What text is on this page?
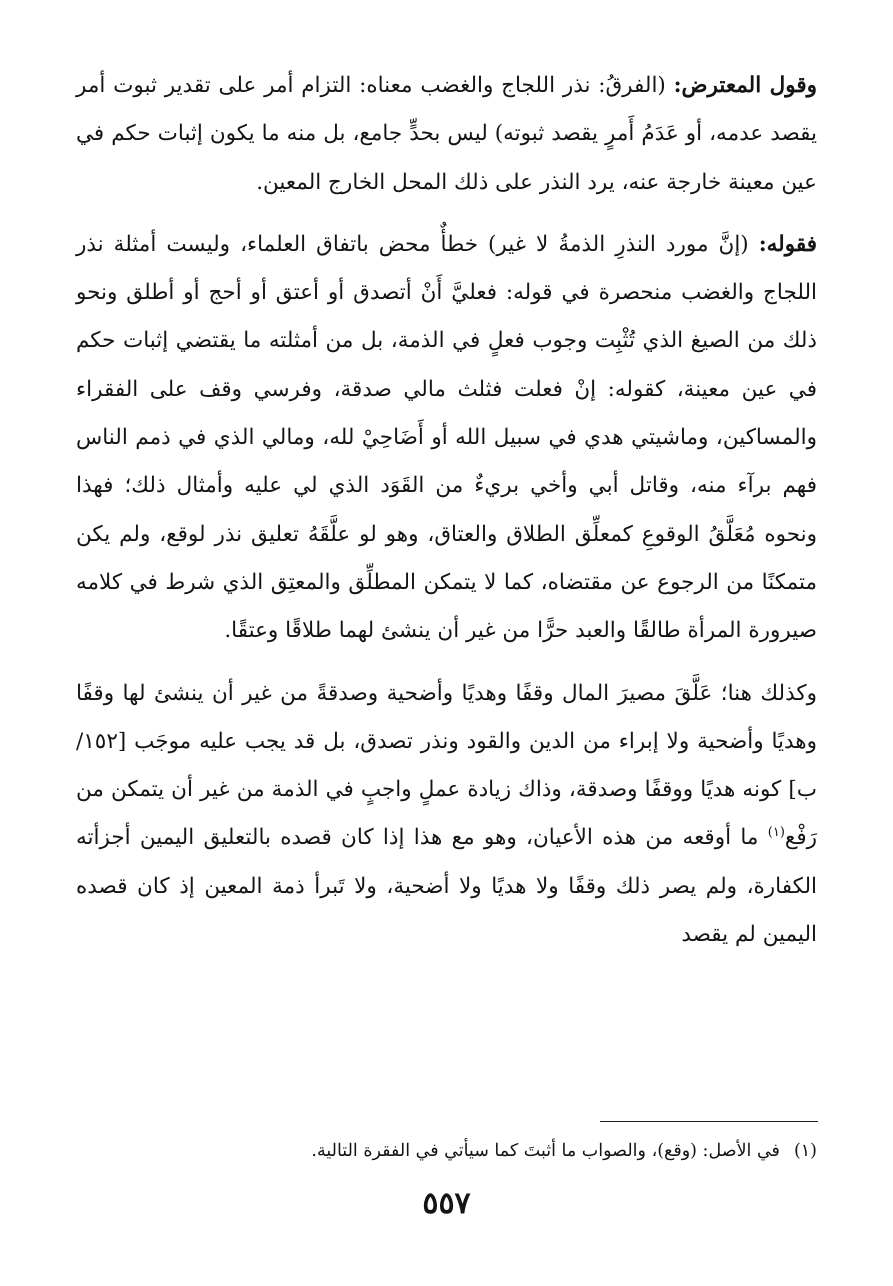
وقول المعترض: (الفرقُ: نذر اللجاج والغضب معناه: التزام أمر على تقدير ثبوت أمر يقصد عدمه، أو عَدَمُ أَمرٍ يقصد ثبوته) ليس بحدٍّ جامع، بل منه ما يكون إثبات حكم في عين معينة خارجة عنه، يرد النذر على ذلك المحل الخارج المعين.

فقوله: (إنَّ مورد النذرِ الذمةُ لا غير) خطأٌ محض باتفاق العلماء، وليست أمثلة نذر اللجاج والغضب منحصرة في قوله: فعليَّ أَنْ أتصدق أو أعتق أو أحج أو أطلق ونحو ذلك من الصيغ الذي تُثْبِت وجوب فعلٍ في الذمة، بل من أمثلته ما يقتضي إثبات حكم في عين معينة، كقوله: إنْ فعلت فثلث مالي صدقة، وفرسي وقف على الفقراء والمساكين، وماشيتي هدي في سبيل الله أو أَضَاحِيْ لله، ومالي الذي في ذمم الناس فهم برآء منه، وقاتل أبي وأخي بريءٌ من القَوَد الذي لي عليه وأمثال ذلك؛ فهذا ونحوه مُعَلَّقُ الوقوعِ كمعلِّق الطلاق والعتاق، وهو لو علَّقَهُ تعليق نذر لوقع، ولم يكن متمكنًا من الرجوع عن مقتضاه، كما لا يتمكن المطلِّق والمعتِق الذي شرط في كلامه صيرورة المرأة طالقًا والعبد حرًّا من غير أن ينشئ لهما طلاقًا وعتقًا.

وكذلك هنا؛ عَلَّقَ مصيرَ المال وقفًا وهديًا وأضحية وصدقةً من غير أن ينشئ لها وقفًا وهديًا وأضحية ولا إبراء من الدين والقود ونذر تصدق، بل قد يجب عليه موجَب [١٥٢/ ب] كونه هديًا ووقفًا وصدقة، وذاك زيادة عملٍ واجبٍ في الذمة من غير أن يتمكن من رَفْع$^{(١)}$ ما أوقعه من هذه الأعيان، وهو مع هذا إذا كان قصده بالتعليق اليمين أجزأته الكفارة، ولم يصر ذلك وقفًا ولا هديًا ولا أضحية، ولا تَبرأ ذمة المعين إذ كان قصده اليمين لم يقصد

(١)في الأصل: (وقع)، والصواب ما أثبتَ كما سيأتي في الفقرة التالية.

٥٥٧
